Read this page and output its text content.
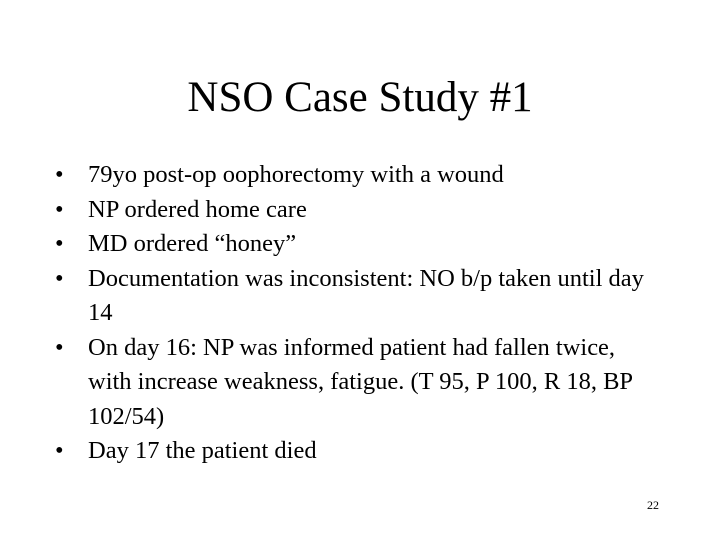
NSO Case Study #1
• 79yo post-op oophorectomy with a wound
• NP ordered home care
• MD ordered “honey”
• Documentation was inconsistent: NO b/p taken until day 14
• On day 16: NP was informed patient had fallen twice, with increase weakness, fatigue. (T 95, P 100, R 18, BP 102/54)
• Day 17 the patient died
22
